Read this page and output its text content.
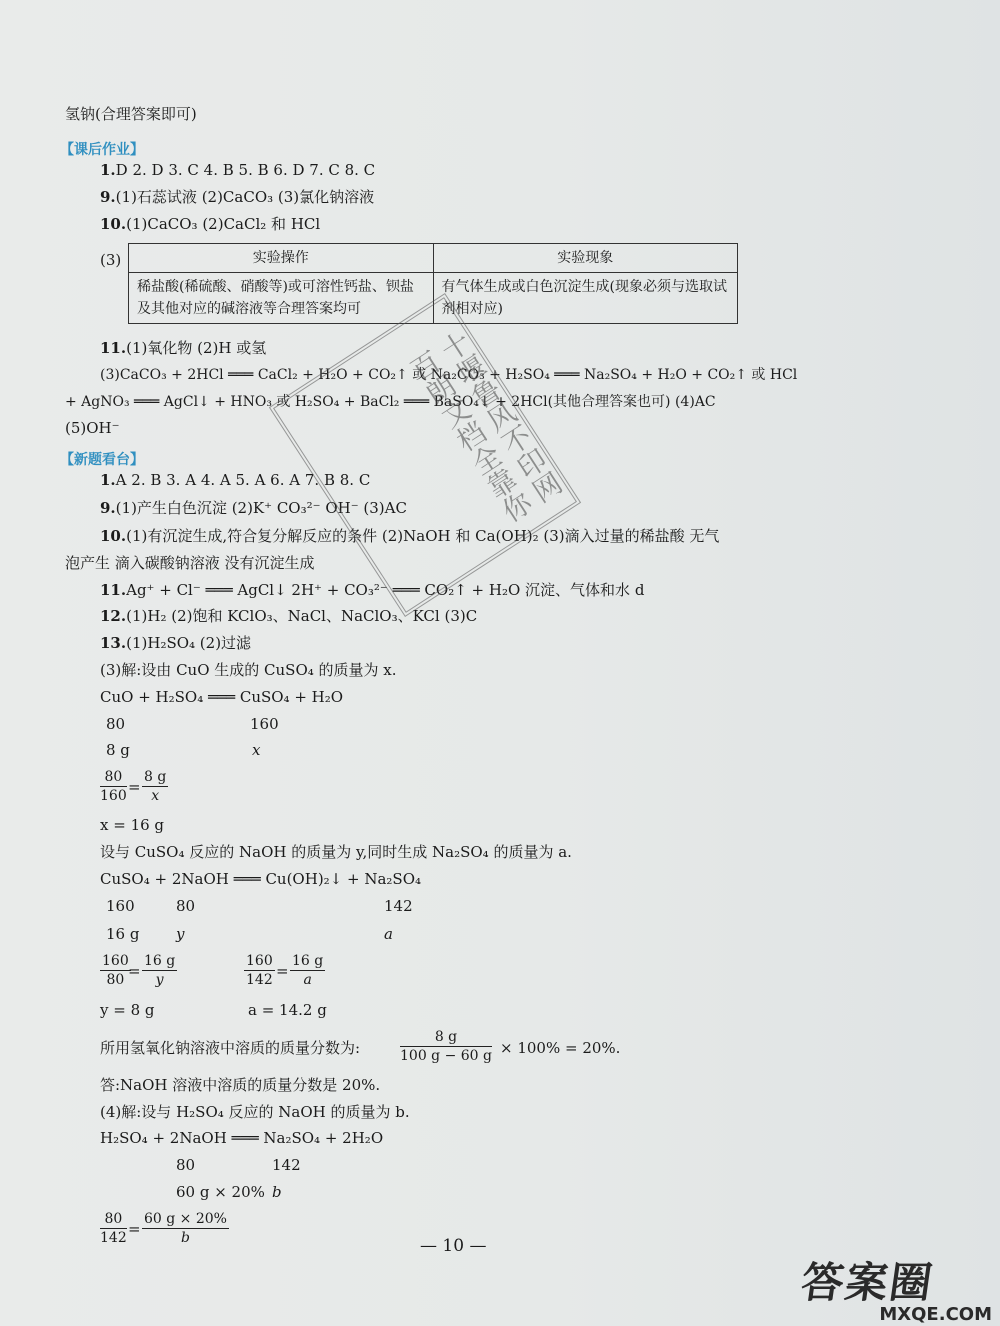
氢钠(合理答案即可)
【课后作业】
1.D 2. D 3. C 4. B 5. B 6. D 7. C 8. C
9.(1)石蕊试液 (2)CaCO₃ (3)氯化钠溶液
10.(1)CaCO₃ (2)CaCl₂ 和 HCl
(3)	实验操作	实验现象
稀盐酸(稀硫酸、硝酸等)或可溶性钙盐、钡盐及其他对应的碱溶液等合理答案均可	有气体生成或白色沉淀生成(现象必须与选取试剂相对应)
11.(1)氧化物 (2)H 或氢
(3)CaCO₃ + 2HCl ═══ CaCl₂ + H₂O + CO₂↑ 或 Na₂CO₃ + H₂SO₄ ═══ Na₂SO₄ + H₂O + CO₂↑ 或 HCl
+ AgNO₃ ═══ AgCl↓ + HNO₃ 或 H₂SO₄ + BaCl₂ ═══ BaSO₄↓ + 2HCl(其他合理答案也可) (4)AC
(5)OH⁻
【新题看台】
1.A 2. B 3. A 4. A 5. A 6. A 7. B 8. C
9.(1)产生白色沉淀 (2)K⁺ CO₃²⁻ OH⁻ (3)AC
10.(1)有沉淀生成,符合复分解反应的条件 (2)NaOH 和 Ca(OH)₂ (3)滴入过量的稀盐酸 无气
泡产生 滴入碳酸钠溶液 没有沉淀生成
11.Ag⁺ + Cl⁻ ═══ AgCl↓ 2H⁺ + CO₃²⁻ ═══ CO₂↑ + H₂O 沉淀、气体和水 d
12.(1)H₂ (2)饱和 KClO₃、NaCl、NaClO₃、KCl (3)C
13.(1)H₂SO₄ (2)过滤
(3)解:设由 CuO 生成的 CuSO₄ 的质量为 x.
CuO + H₂SO₄ ═══ CuSO₄ + H₂O
80	160
8 g	x
$\frac{80}{160} = \frac{8 g}{x}$
x = 16 g
设与 CuSO₄ 反应的 NaOH 的质量为 y,同时生成 Na₂SO₄ 的质量为 a.
CuSO₄ + 2NaOH ═══ Cu(OH)₂↓ + Na₂SO₄
160	80	142
16 g y	a
$\frac{160}{80}$
= $\frac{16 g}{y}$	$\frac{160}{142} = \frac{16 g}{a}$
y = 8 g	a = 14.2 g
所用氢氧化钠溶液中溶质的质量分数为:	$\frac{8 g}{100 g - 60 g} \times 100\% = 20\%$.
答:NaOH 溶液中溶质的质量分数是 20%.
(4)解:设与 H₂SO₄ 反应的 NaOH 的质量为 b.
H₂SO₄ + 2NaOH ═══ Na₂SO₄ + 2H₂O
80	142
60 g × 20% b
$\frac{80}{142} = \frac{60 g \times 20\%}{b}$
十堰鲁风不印网 百朗文档全靠你
— 10 —
答案圈
MXQE.COM
